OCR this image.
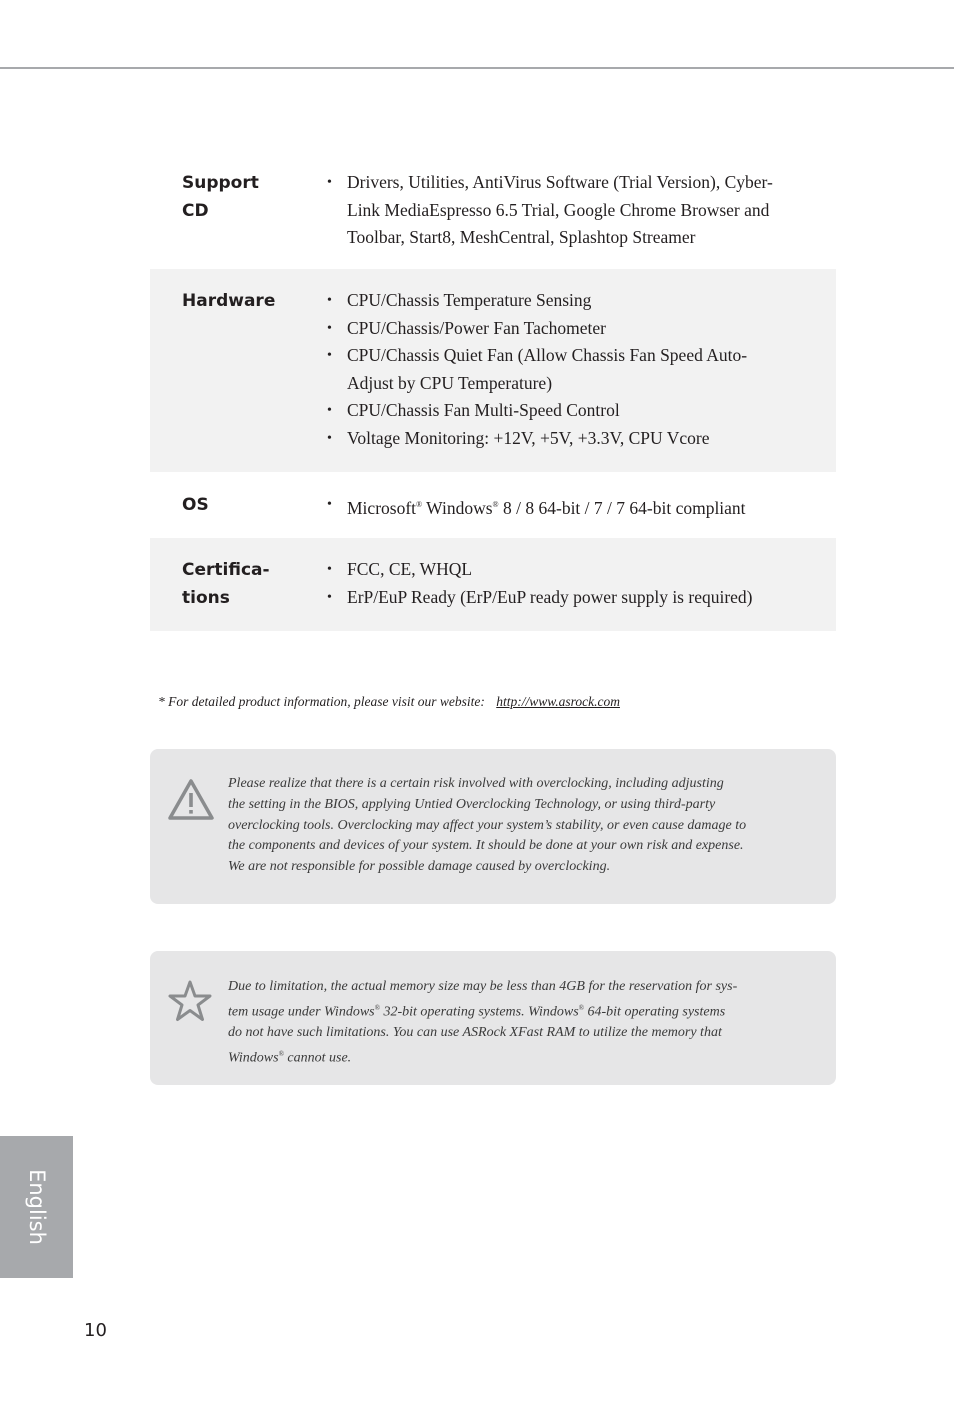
Support
CD
• Drivers, Utilities, AntiVirus Software (Trial Version), Cyber-
Link MediaEspresso 6.5 Trial, Google Chrome Browser and
Toolbar, Start8, MeshCentral, Splashtop Streamer
Hardware	• CPU/Chassis Temperature Sensing
• CPU/Chassis/Power Fan Tachometer
• CPU/Chassis Quiet Fan (Allow Chassis Fan Speed Auto-
Adjust by CPU Temperature)
• CPU/Chassis Fan Multi-Speed Control
• Voltage Monitoring: +12V, +5V, +3.3V, CPU Vcore
OS	• Microsoft® Windows® 8 / 8 64-bit / 7 / 7 64-bit compliant
Certifica-
tions
• FCC, CE, WHQL
• ErP/EuP Ready (ErP/EuP ready power supply is required)
* For detailed product information, please visit our website: http://www.asrock.com
Please realize that there is a certain risk involved with overclocking, including adjusting
the setting in the BIOS, applying Untied Overclocking Technology, or using third-party
overclocking tools. Overclocking may affect your system’s stability, or even cause damage to
the components and devices of your system. It should be done at your own risk and expense.
We are not responsible for possible damage caused by overclocking.
Due to limitation, the actual memory size may be less than 4GB for the reservation for sys-
tem usage under Windows® 32-bit operating systems. Windows® 64-bit operating systems
do not have such limitations. You can use ASRock XFast RAM to utilize the memory that
Windows® cannot use.
English
10
